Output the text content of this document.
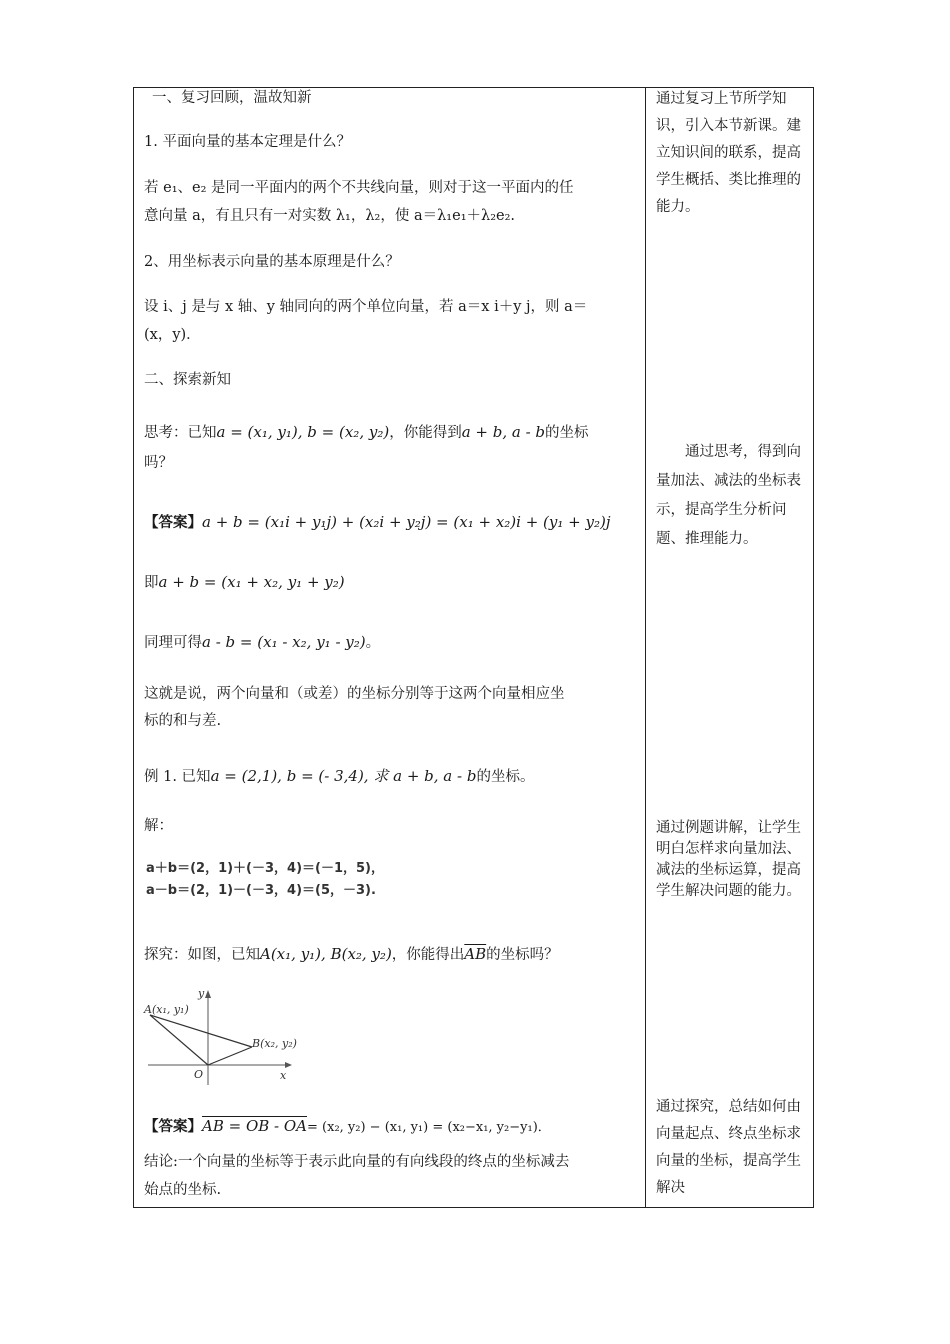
一、复习回顾，温故知新
1. 平面向量的基本定理是什么？
若 e₁、e₂ 是同一平面内的两个不共线向量，则对于这一平面内的任
意向量 a，有且只有一对实数 λ₁，λ₂，使 a＝λ₁e₁＋λ₂e₂.
2、用坐标表示向量的基本原理是什么？
设 i、j 是与 x 轴、y 轴同向的两个单位向量，若 a＝x i＋y j，则 a＝
(x，y)．
二、探索新知
思考：已知a = (x₁, y₁), b = (x₂, y₂)，你能得到a + b, a - b的坐标
吗？
【答案】a + b = (x₁i + y₁j) + (x₂i + y₂j) = (x₁ + x₂)i + (y₁ + y₂)j
即a + b = (x₁ + x₂, y₁ + y₂)
同理可得a - b = (x₁ - x₂, y₁ - y₂)。
这就是说，两个向量和（或差）的坐标分别等于这两个向量相应坐
标的和与差.
例 1. 已知a = (2,1), b = (- 3,4), 求 a + b, a - b的坐标。
解：
a＋b＝(2，1)＋(－3，4)＝(－1，5)，
a－b＝(2，1)－(－3，4)＝(5，－3).
探究：如图，已知A(x₁, y₁), B(x₂, y₂)，你能得出$\overline{AB}$的坐标吗？
A(x₁, y₁)
B(x₂, y₂)
O	x
y
【答案】AB = OB - OA= (x₂, y₂) − (x₁, y₁) = (x₂−x₁, y₂−y₁)．
结论:一个向量的坐标等于表示此向量的有向线段的终点的坐标减去
始点的坐标.
通过复习上节所学知识，引入本节新课。建立知识间的联系，提高学生概括、类比推理的能力。
通过思考，得到向量加法、减法的坐标表示，提高学生分析问题、推理能力。
通过例题讲解，让学生明白怎样求向量加法、减法的坐标运算，提高学生解决问题的能力。
通过探究，总结如何由向量起点、终点坐标求向量的坐标，提高学生解决
